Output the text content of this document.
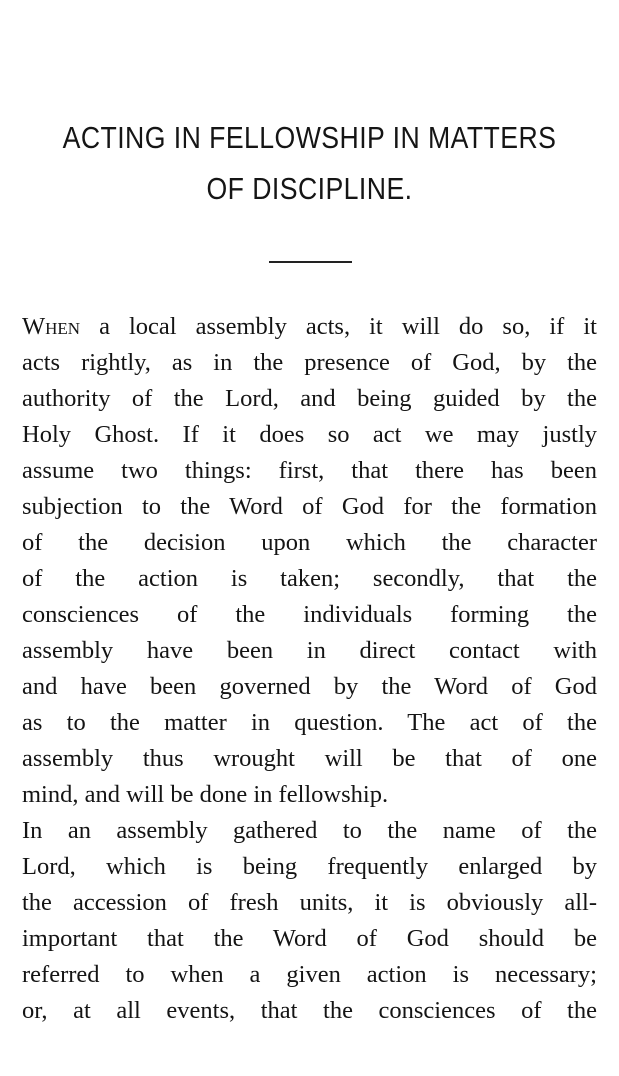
ACTING IN FELLOWSHIP IN MATTERS
OF DISCIPLINE.
When a local assembly acts, it will do so, if it
acts rightly, as in the presence of God, by the
authority of the Lord, and being guided by the
Holy Ghost. If it does so act we may justly
assume two things: first, that there has been
subjection to the Word of God for the formation
of the decision upon which the character
of the action is taken; secondly, that the
consciences of the individuals forming the
assembly have been in direct contact with
and have been governed by the Word of God
as to the matter in question. The act of the
assembly thus wrought will be that of one
mind, and will be done in fellowship.
In an assembly gathered to the name of the
Lord, which is being frequently enlarged by
the accession of fresh units, it is obviously all-
important that the Word of God should be
referred to when a given action is necessary;
or, at all events, that the consciences of the
